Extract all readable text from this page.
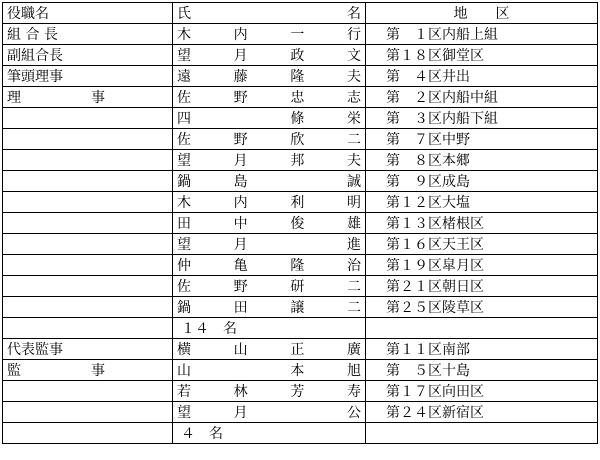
役職名	氏 名	地　　区
組 合 長	木 内 一 行	第　１区内船上組
副組合長	望 月 政 文	第１８区御堂区
筆頭理事	遠 藤 隆 夫	第　４区井出
理　　　　　事	佐 野 忠 志	第　２区内船中組

	四 條 栄	第　３区内船下組

	佐 野 欣 二	第　７区中野

	望 月 邦 夫	第　８区本郷

	鍋 島 誠	第　９区成島

	木 内 利 明	第１２区大塩

	田 中 俊 雄	第１３区楮根区

	望 月 進	第１６区天王区

	仲 亀 隆 治	第１９区皐月区

	佐 野 研 二	第２１区朝日区

	鍋 田 譲 二	第２５区陵草区
	１４　名	
代表監事	横 山 正 廣	第１１区南部
監　　　　　事	山 本 旭	第　５区十島

	若 林 芳 寿	第１７区向田区

	望 月 公	第２４区新宿区
	４　名	
